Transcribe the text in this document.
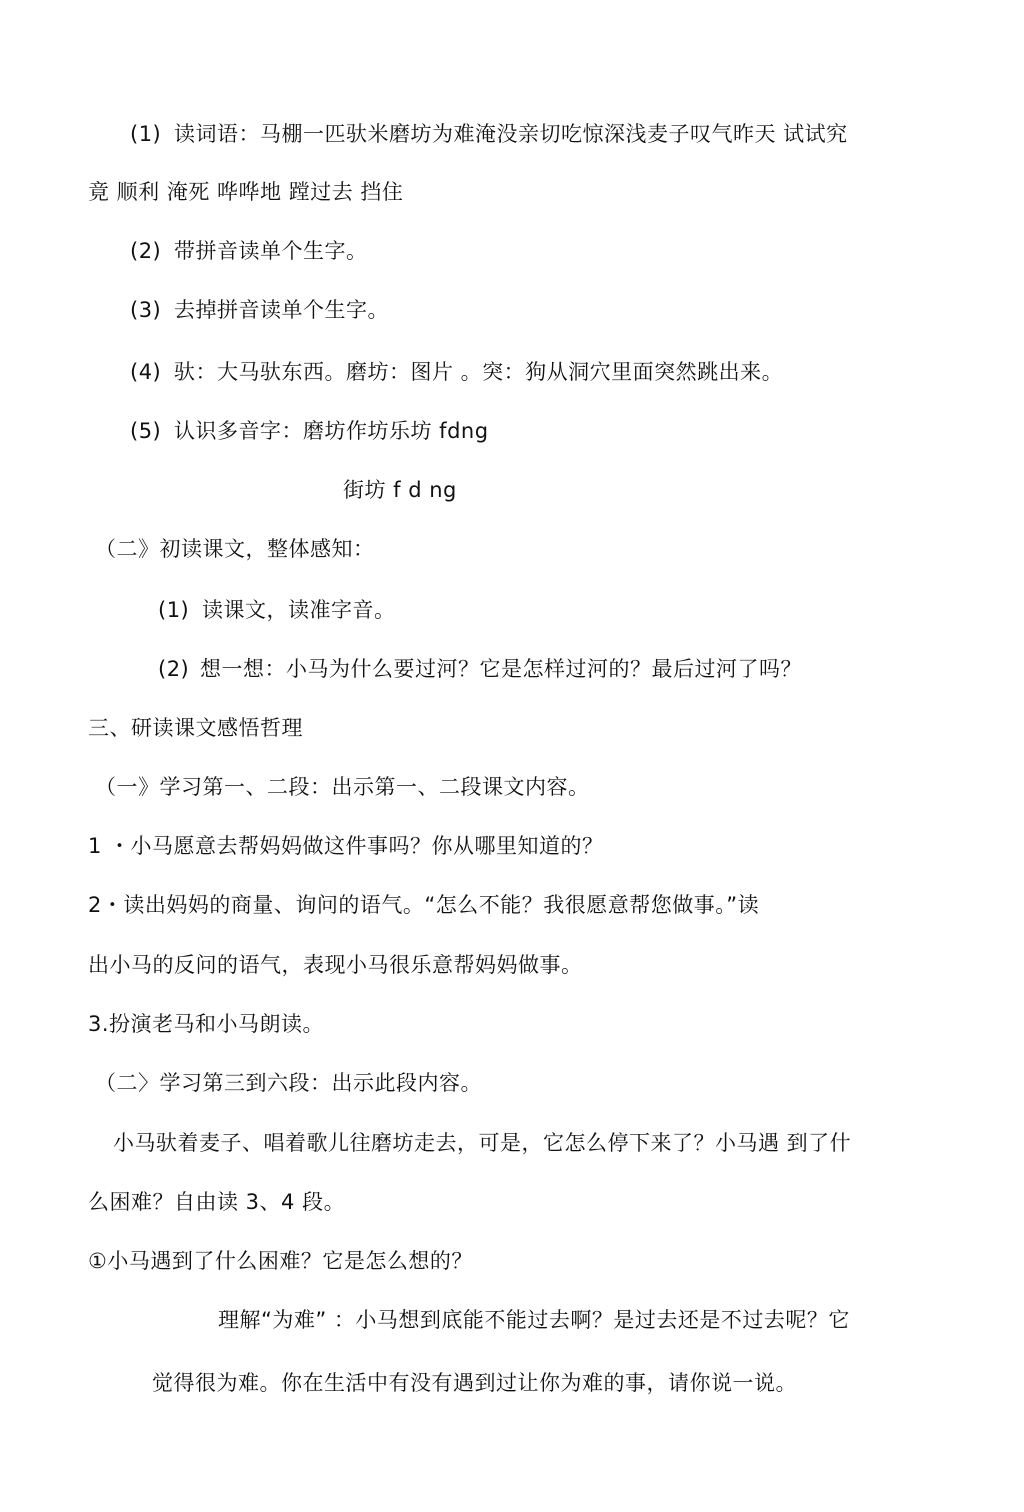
(1) 读词语：马棚一匹驮米磨坊为难淹没亲切吃惊深浅麦子叹气昨天 试试究
竟 顺利 淹死 哗哗地 蹚过去 挡住
(2) 带拼音读单个生字。
(3) 去掉拼音读单个生字。
(4) 驮：大马驮东西。磨坊：图片 。突：狗从洞穴里面突然跳出来。
(5) 认识多音字：磨坊作坊乐坊 fdng
街坊 f d ng
（二》初读课文，整体感知：
(1) 读课文，读准字音。
(2) 想一想：小马为什么要过河？它是怎样过河的？最后过河了吗？
三、研读课文感悟哲理
（一》学习第一、二段：出示第一、二段课文内容。
1 ・小马愿意去帮妈妈做这件事吗？你从哪里知道的？
2・读出妈妈的商量、询问的语气。“怎么不能？我很愿意帮您做事。”读
出小马的反问的语气，表现小马很乐意帮妈妈做事。
3.扮演老马和小马朗读。
（二〉学习第三到六段：出示此段内容。
小马驮着麦子、唱着歌儿往磨坊走去，可是，它怎么停下来了？小马遇 到了什
么困难？自由读 3、4 段。
①小马遇到了什么困难？它是怎么想的？
理解“为难” ：小马想到底能不能过去啊？是过去还是不过去呢？它
觉得很为难。你在生活中有没有遇到过让你为难的事，请你说一说。
